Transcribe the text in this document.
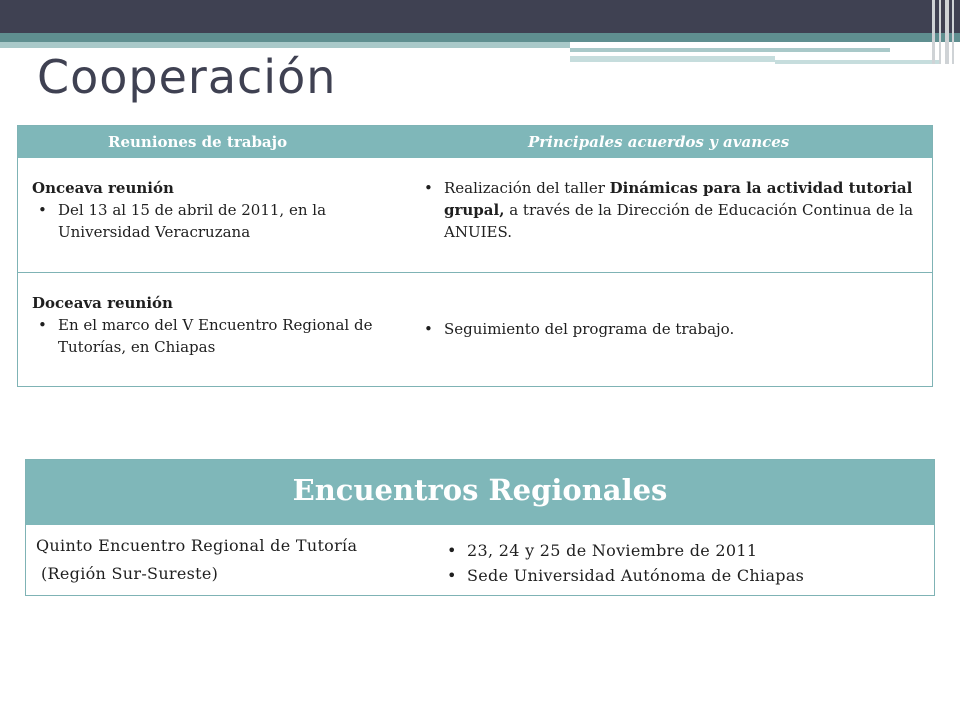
Cooperación
Reuniones de trabajo	Principales acuerdos y avances
Onceava reunión
• Del 13 al 15 de abril de 2011, en la Universidad Veracruzana
• Realización del taller Dinámicas para la actividad tutorial grupal, a través de la Dirección de Educación Continua de la ANUIES.
Doceava reunión
• En el marco del V Encuentro Regional de Tutorías, en Chiapas
• Seguimiento del programa de trabajo.
Encuentros Regionales
Quinto Encuentro Regional de Tutoría
(Región Sur-Sureste)
• 23, 24 y 25 de Noviembre de 2011
• Sede Universidad Autónoma de Chiapas
